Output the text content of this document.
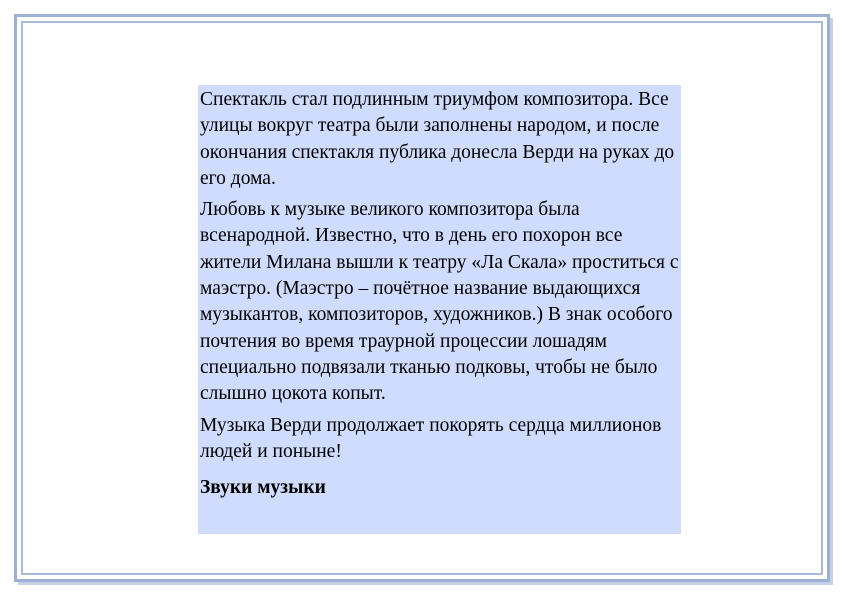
Спектакль стал подлинным триумфом композитора. Все улицы вокруг театра были заполнены народом, и после окончания спектакля публика донесла Верди на руках до его дома.

Любовь к музыке великого композитора была всенародной. Известно, что в день его похорон все жители Милана вышли к театру «Ла Скала» проститься с маэстро. (Маэстро – почётное название выдающихся музыкантов, композиторов, художников.) В знак особого почтения во время траурной процессии лошадям специально подвязали тканью подковы, чтобы не было слышно цокота копыт.

Музыка Верди продолжает покорять сердца миллионов людей и поныне!

Звуки музыки
